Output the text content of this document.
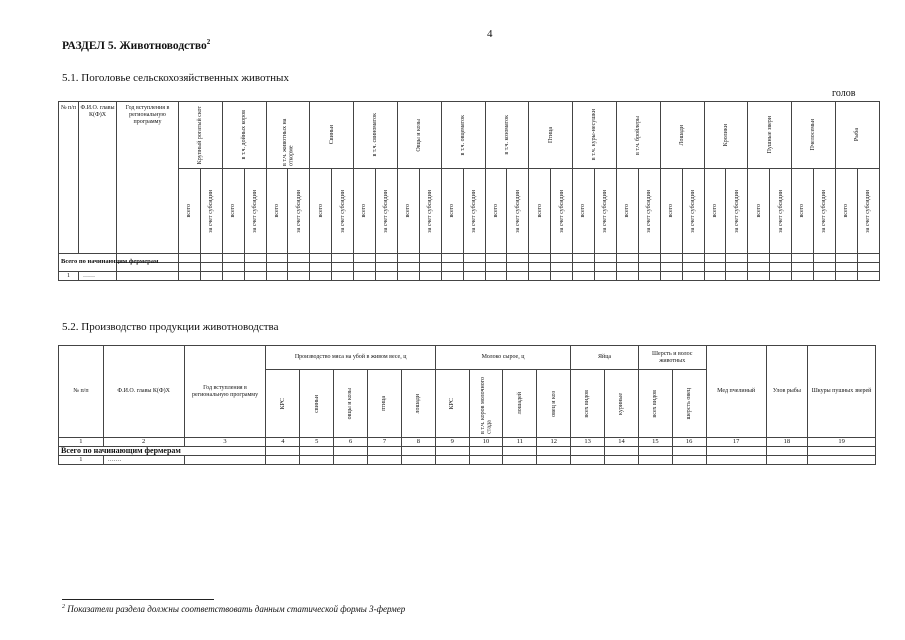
4
РАЗДЕЛ 5. Животноводство$^2$
5.1. Поголовье сельскохозяйственных животных
голов
№ п/п	Ф.И.О. главы К(Ф)Х	Год вступления в региональную программу	Крупный рогатый скот		в т.ч. дойных коров		в т.ч. животных на откорме		Свиньи		в т.ч. свиноматок		Овцы и козы		в т.ч. овцематок		в т.ч. козоматок		Птица		в т.ч. куры-несушки		в т.ч. бройлеры		Лошади		Кролики		Пушные звери		Пчелосемьи		Рыба	

			всего	за счет субсидии	всего	за счет субсидии	всего	за счет субсидии	всего	за счет субсидии	всего	за счет субсидии	всего	за счет субсидии	всего	за счет субсидии	всего	за счет субсидии	всего	за счет субсидии	всего	за счет субсидии	всего	за счет субсидии	всего	за счет субсидии	всего	за счет субсидии	всего	за счет субсидии	всего	за счет субсидии	всего	за счет субсидии

Всего по начинающим фермерам																																		

1	……																																	

5.2. Производство продукции животноводства
№ п/п	Ф.И.О. главы К(Ф)Х	Год вступления в региональную программу	Производство мяса на убой в живом весе, ц					Молоко сырое, ц				Яйца		Шерсть и волос животных		Мед пчелиный	Улов рыбы	Шкуры пушных зверей

			КРС	свиньи	овцы и козы	птица	лошади	КРС	в т.ч. коров молочного стада	лошадей	овец и коз	всех видов	куриные	всех видов	шерсть овец			

1	2	3	4	5	6	7	8	9	10	11	12	13	14	15	16	17	18	19

Всего по начинающим фермерам																		

1	…….																	

$^2$ Показатели раздела должны соответствовать данным статической формы 3-фермер
